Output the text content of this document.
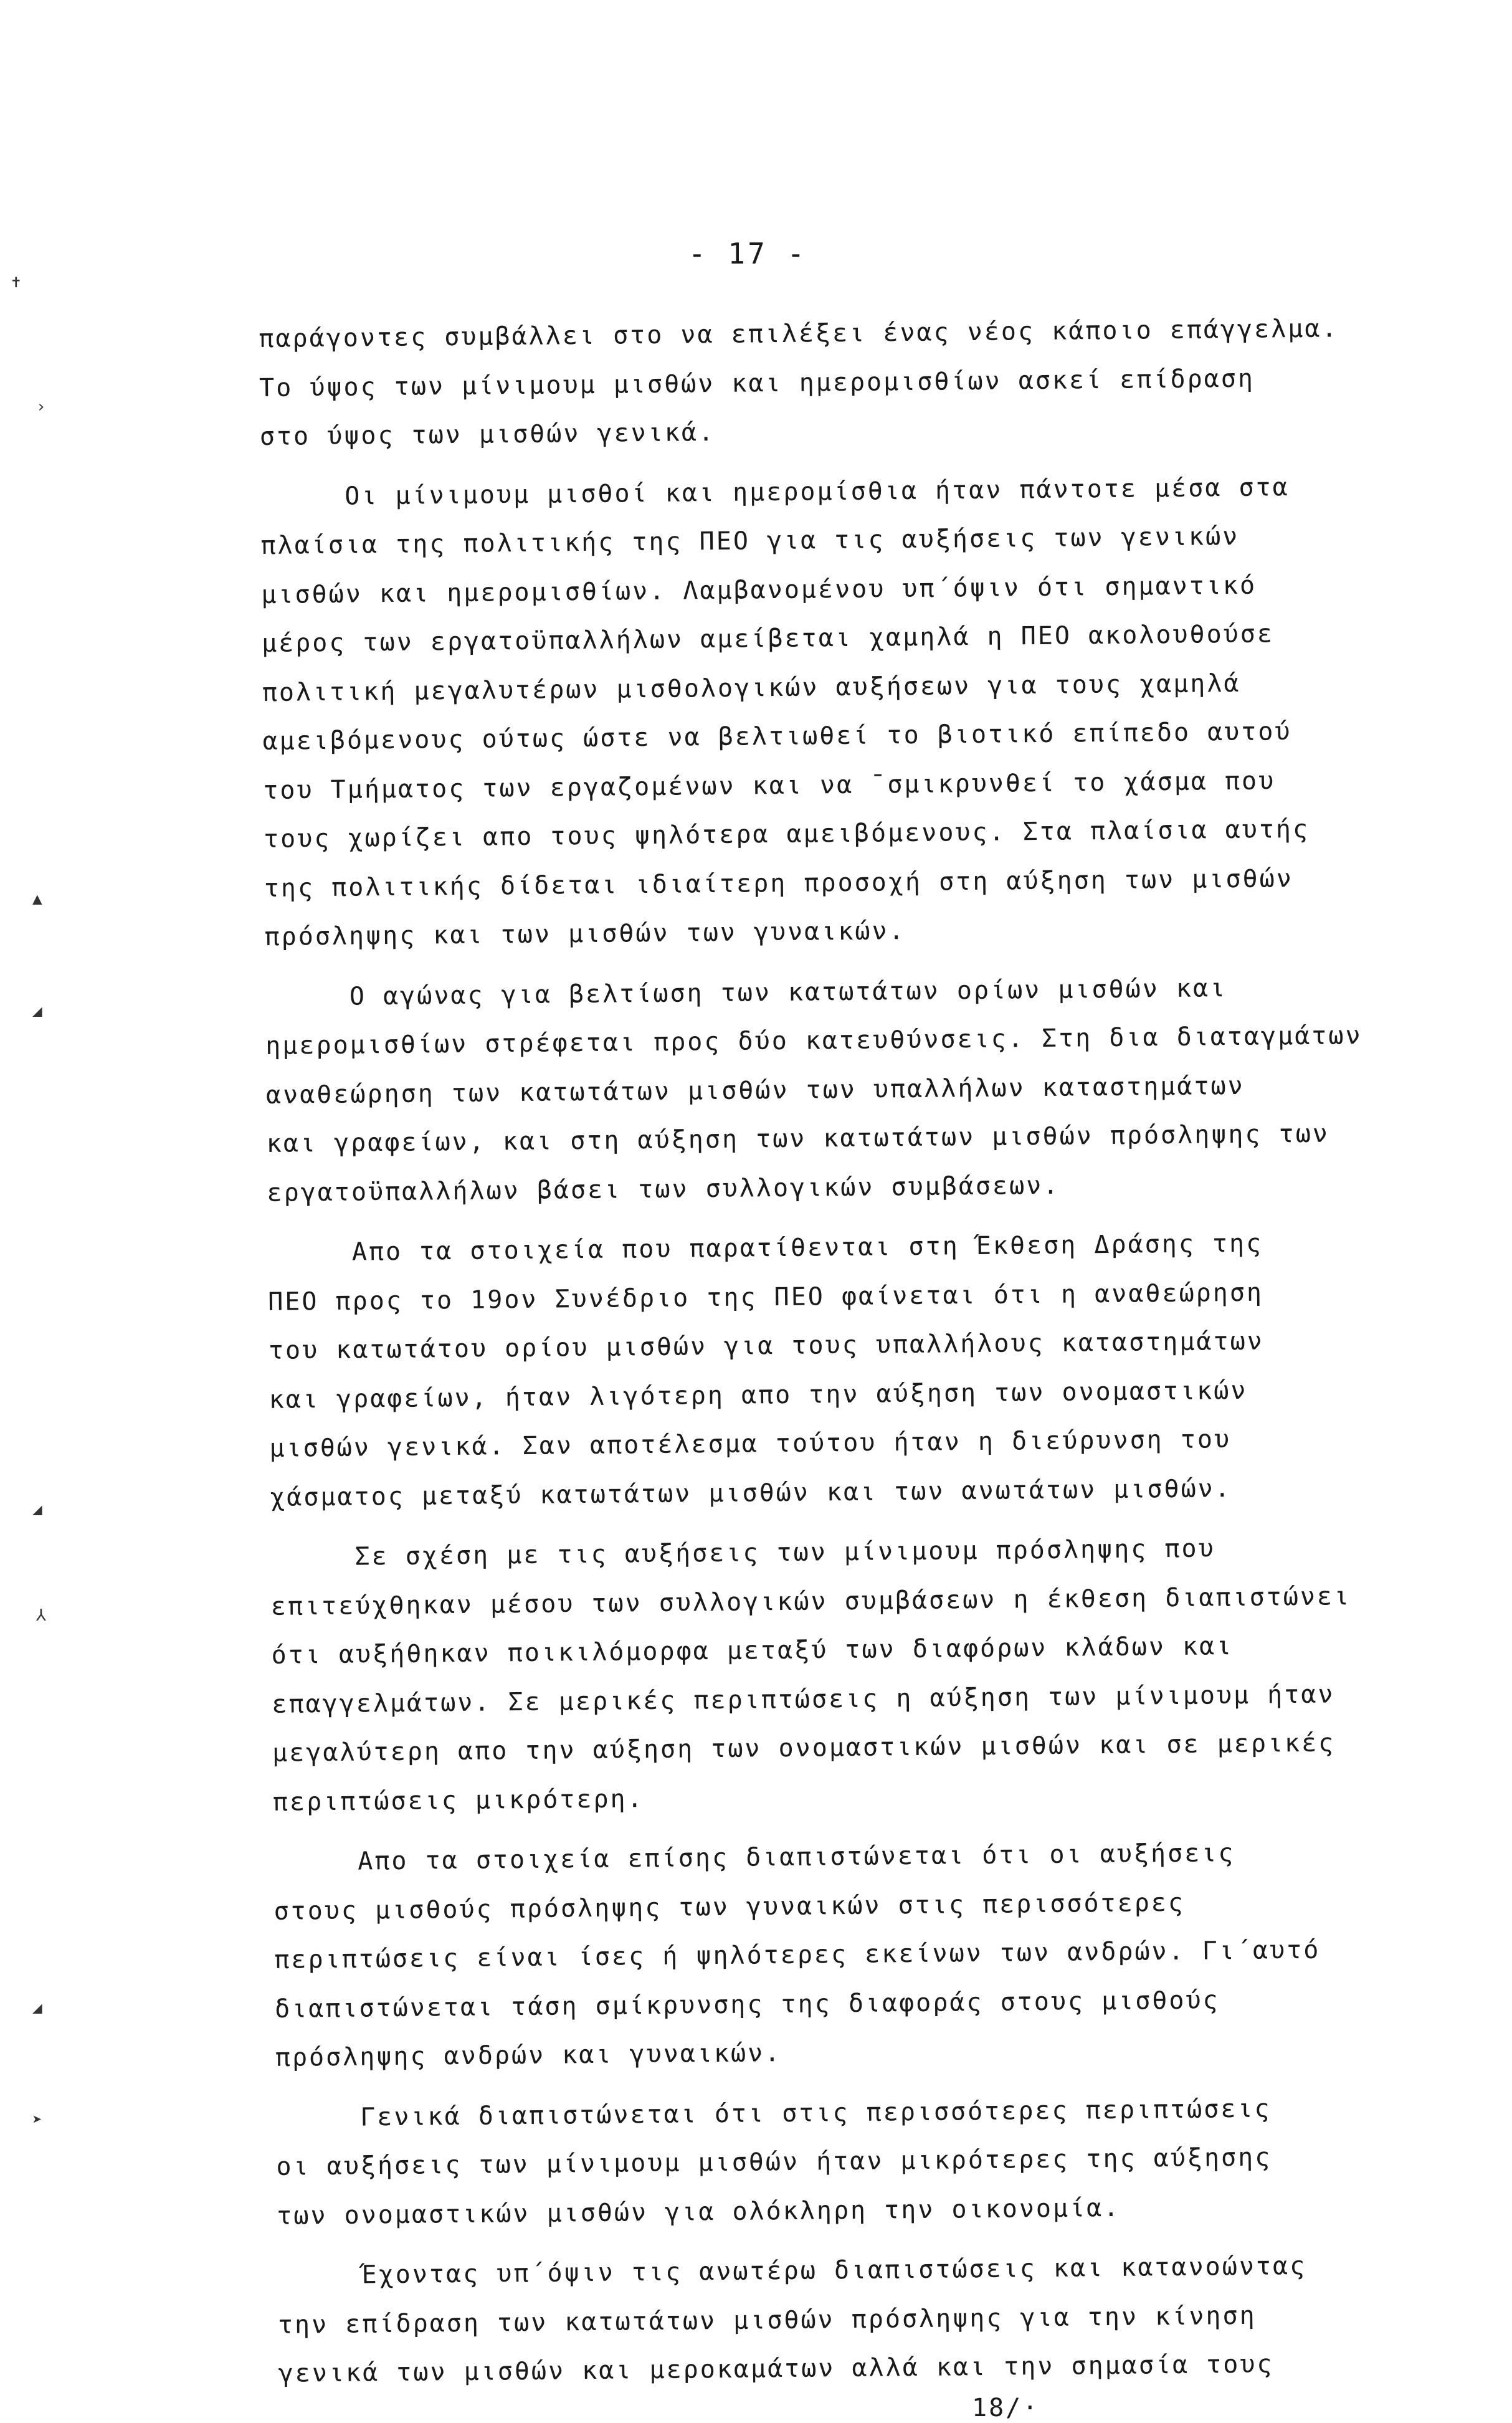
- 17 -
παράγοντες συμβάλλει στο να επιλέξει ένας νέος κάποιο επάγγελμα.
Το ύψος των μίνιμουμ μισθών και ημερομισθίων ασκεί επίδραση
στο ύψος των μισθών γενικά.
Οι μίνιμουμ μισθοί και ημερομίσθια ήταν πάντοτε μέσα στα
πλαίσια της πολιτικής της ΠΕΟ για τις αυξήσεις των γενικών
μισθών και ημερομισθίων. Λαμβανομένου υπ΄όψιν ότι σημαντικό
μέρος των εργατοϋπαλλήλων αμείβεται χαμηλά η ΠΕΟ ακολουθούσε
πολιτική μεγαλυτέρων μισθολογικών αυξήσεων για τους χαμηλά
αμειβόμενους ούτως ώστε να βελτιωθεί το βιοτικό επίπεδο αυτού
του Τμήματος των εργαζομένων και να ˉσμικρυνθεί το χάσμα που
τους χωρίζει απο τους ψηλότερα αμειβόμενους. Στα πλαίσια αυτής
της πολιτικής δίδεται ιδιαίτερη προσοχή στη αύξηση των μισθών
πρόσληψης και των μισθών των γυναικών.
Ο αγώνας για βελτίωση των κατωτάτων ορίων μισθών και
ημερομισθίων στρέφεται προς δύο κατευθύνσεις. Στη δια διαταγμάτων
αναθεώρηση των κατωτάτων μισθών των υπαλλήλων καταστημάτων
και γραφείων, και στη αύξηση των κατωτάτων μισθών πρόσληψης των
εργατοϋπαλλήλων βάσει των συλλογικών συμβάσεων.
Απο τα στοιχεία που παρατίθενται στη Έκθεση Δράσης της
ΠΕΟ προς το 19ον Συνέδριο της ΠΕΟ φαίνεται ότι η αναθεώρηση
του κατωτάτου ορίου μισθών για τους υπαλλήλους καταστημάτων
και γραφείων, ήταν λιγότερη απο την αύξηση των ονομαστικών
μισθών γενικά. Σαν αποτέλεσμα τούτου ήταν η διεύρυνση του
χάσματος μεταξύ κατωτάτων μισθών και των ανωτάτων μισθών.
Σε σχέση με τις αυξήσεις των μίνιμουμ πρόσληψης που
επιτεύχθηκαν μέσου των συλλογικών συμβάσεων η έκθεση διαπιστώνει
ότι αυξήθηκαν ποικιλόμορφα μεταξύ των διαφόρων κλάδων και
επαγγελμάτων. Σε μερικές περιπτώσεις η αύξηση των μίνιμουμ ήταν
μεγαλύτερη απο την αύξηση των ονομαστικών μισθών και σε μερικές
περιπτώσεις μικρότερη.
Απο τα στοιχεία επίσης διαπιστώνεται ότι οι αυξήσεις
στους μισθούς πρόσληψης των γυναικών στις περισσότερες
περιπτώσεις είναι ίσες ή ψηλότερες εκείνων των ανδρών. Γι΄αυτό
διαπιστώνεται τάση σμίκρυνσης της διαφοράς στους μισθούς
πρόσληψης ανδρών και γυναικών.
Γενικά διαπιστώνεται ότι στις περισσότερες περιπτώσεις
οι αυξήσεις των μίνιμουμ μισθών ήταν μικρότερες της αύξησης
των ονομαστικών μισθών για ολόκληρη την οικονομία.
Έχοντας υπ΄όψιν τις ανωτέρω διαπιστώσεις και κατανοώντας
την επίδραση των κατωτάτων μισθών πρόσληψης για την κίνηση
γενικά των μισθών και μεροκαμάτων αλλά και την σημασία τους
18/·
✝
›
▲
◢
◢
⅄
◢
➤
